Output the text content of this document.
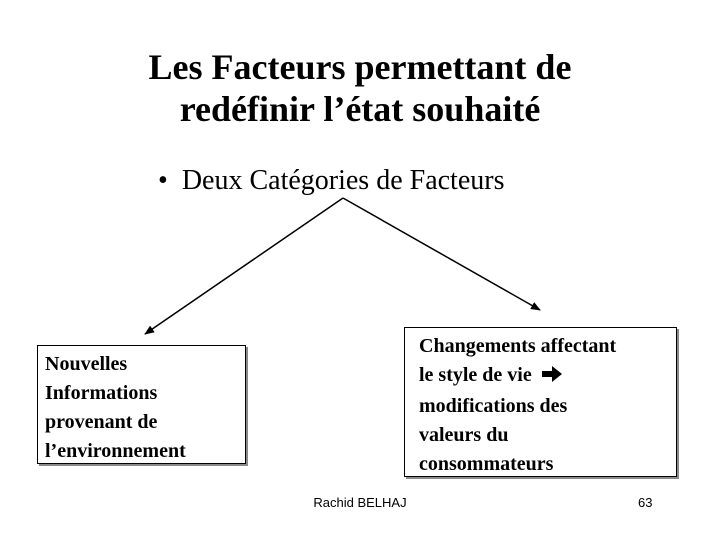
Les Facteurs permettant de
redéfinir l’état souhaité
• Deux Catégories de Facteurs
Nouvelles
Informations
provenant de
l’environnement
Changements affectant
le style de vie
modifications des
valeurs du
consommateurs
Rachid BELHAJ	63
